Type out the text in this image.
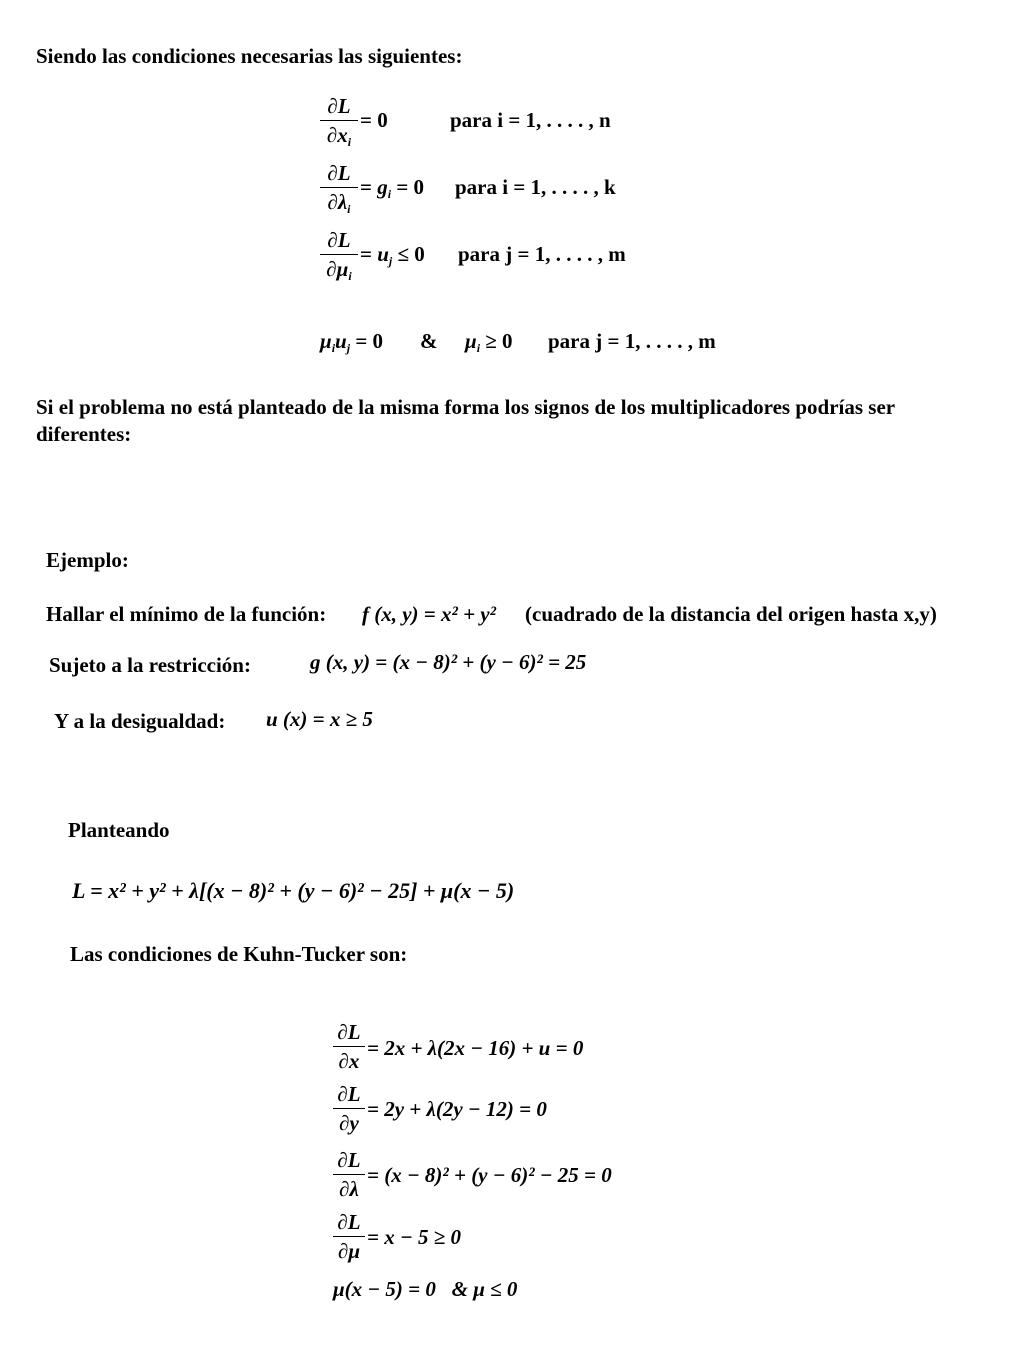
Siendo las condiciones necesarias las siguientes:
∂L
$\partial x_i$
= 0	para i = 1, . . . . , n
∂L
$\partial\lambda_i$
= $g_i = 0$ para i = 1, . . . . , k
∂L
$\partial\mu_i$
= $u_j \le 0$ para j = 1, . . . . , m
$\mu_iu_j = 0$ & $\mu_i \ge 0$ para j = 1, . . . . , m
Si el problema no está planteado de la misma forma los signos de los multiplicadores podrías ser diferentes:
Ejemplo:
Hallar el mínimo de la función: f (x, y) = x² + y² (cuadrado de la distancia del origen hasta x,y)
Sujeto a la restricción:	g (x, y) = (x − 8)² + (y − 6)² = 25
Y a la desigualdad: u (x) = x ≥ 5
Planteando
L = x² + y² + λ[(x − 8)² + (y − 6)² − 25] + μ(x − 5)
Las condiciones de Kuhn-Tucker son:
∂L
∂x
= 2x + λ(2x − 16) + u = 0
∂L
∂y
= 2y + λ(2y − 12) = 0
∂L
∂λ
= (x − 8)² + (y − 6)² − 25 = 0
∂L
∂μ
= x − 5 ≥ 0
μ(x − 5) = 0   & μ ≤ 0
